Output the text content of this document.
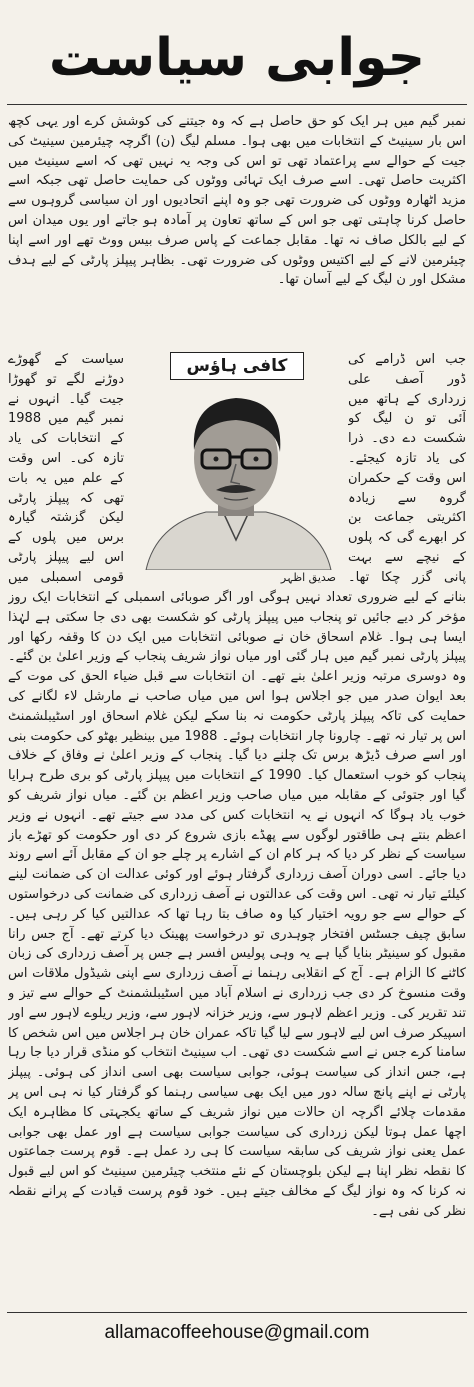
جوابی سیاست

نمبر گیم میں ہر ایک کو حق حاصل ہے کہ وہ جیتنے کی کوشش کرے اور یہی کچھ اس بار سینیٹ کے انتخابات میں بھی ہوا۔ مسلم لیگ (ن) اگرچہ چیئرمین سینیٹ کی جیت کے حوالے سے پراعتماد تھی تو اس کی وجہ یہ نہیں تھی کہ اسے سینیٹ میں اکثریت حاصل تھی۔ اسے صرف ایک تہائی ووٹوں کی حمایت حاصل تھی جبکہ اسے مزید اٹھارہ ووٹوں کی ضرورت تھی جو وہ اپنے اتحادیوں اور ان سیاسی گروہوں سے حاصل کرنا چاہتی تھی جو اس کے ساتھ تعاون پر آمادہ ہو جاتے اور یوں میدان اس کے لیے بالکل صاف نہ تھا۔ مقابل جماعت کے پاس صرف بیس ووٹ تھے اور اسے اپنا چیئرمین لانے کے لیے اکتیس ووٹوں کی ضرورت تھی۔ بظاہر پیپلز پارٹی کے لیے ہدف مشکل اور ن لیگ کے لیے آسان تھا۔

جب اس ڈرامے کی ڈور آصف علی زرداری کے ہاتھ میں آئی تو ن لیگ کو شکست دے دی۔ ذرا کی یاد تازہ کیجئے۔ اس وقت کے حکمران گروہ سے زیادہ اکثریتی جماعت بن کر ابھرے گی کہ پلوں کے نیچے سے بہت پانی گزر چکا تھا۔

کافی ہاؤس
صدیق اظہر

سیاست کے گھوڑے دوڑنے لگے تو گھوڑا جیت گیا۔ انہوں نے نمبر گیم میں 1988 کے انتخابات کی یاد تازہ کی۔ اس وقت کے علم میں یہ بات تھی کہ پیپلز پارٹی لیکن گزشتہ گیارہ برس میں پلوں کے اس لیے پیپلز پارٹی قومی اسمبلی میں

بنانے کے لیے ضروری تعداد نہیں ہوگی اور اگر صوبائی اسمبلی کے انتخابات ایک روز مؤخر کر دیے جائیں تو پنجاب میں پیپلز پارٹی کو شکست بھی دی جا سکتی ہے لہٰذا ایسا ہی ہوا۔ غلام اسحاق خان نے صوبائی انتخابات میں ایک دن کا وقفہ رکھا اور پیپلز پارٹی نمبر گیم میں ہار گئی اور میاں نواز شریف پنجاب کے وزیر اعلیٰ بن گئے۔ وہ دوسری مرتبہ وزیر اعلیٰ بنے تھے۔ ان انتخابات سے قبل ضیاء الحق کی موت کے بعد ایوان صدر میں جو اجلاس ہوا اس میں میاں صاحب نے مارشل لاء لگانے کی حمایت کی تاکہ پیپلز پارٹی حکومت نہ بنا سکے لیکن غلام اسحاق اور اسٹیبلشمنٹ اس پر تیار نہ تھے۔ چارونا چار انتخابات ہوئے۔ 1988 میں بینظیر بھٹو کی حکومت بنی اور اسے صرف ڈیڑھ برس تک چلنے دیا گیا۔ پنجاب کے وزیر اعلیٰ نے وفاق کے خلاف پنجاب کو خوب استعمال کیا۔ 1990 کے انتخابات میں پیپلز پارٹی کو بری طرح ہرایا گیا اور جتوئی کے مقابلہ میں میاں صاحب وزیر اعظم بن گئے۔ میاں نواز شریف کو خوب یاد ہوگا کہ انہوں نے یہ انتخابات کس کی مدد سے جیتے تھے۔ انہوں نے وزیر اعظم بنتے ہی طاقتور لوگوں سے پھڈے بازی شروع کر دی اور حکومت کو تھڑے باز سیاست کے نظر کر دیا کہ ہر کام ان کے اشارے پر چلے جو ان کے مقابل آئے اسے روند دیا جائے۔ اسی دوران آصف زرداری گرفتار ہوئے اور کوئی عدالت ان کی ضمانت لینے کیلئے تیار نہ تھی۔ اس وقت کی عدالتوں نے آصف زرداری کی ضمانت کی درخواستوں کے حوالے سے جو رویہ اختیار کیا وہ صاف بتا رہا تھا کہ عدالتیں کیا کر رہی ہیں۔ سابق چیف جسٹس افتخار چوہدری تو درخواست پھینک دیا کرتے تھے۔ آج جس رانا مقبول کو سینیٹر بنایا گیا ہے یہ وہی پولیس افسر ہے جس پر آصف زرداری کی زبان کاٹنے کا الزام ہے۔ آج کے انقلابی رہنما نے آصف زرداری سے اپنی شیڈول ملاقات اس وقت منسوخ کر دی جب زرداری نے اسلام آباد میں اسٹیبلشمنٹ کے حوالے سے تیز و تند تقریر کی۔ وزیر اعظم لاہور سے، وزیر خزانہ لاہور سے، وزیر ریلوے لاہور سے اور اسپیکر صرف اس لیے لاہور سے لیا گیا تاکہ عمران خان ہر اجلاس میں اس شخص کا سامنا کرے جس نے اسے شکست دی تھی۔ اب سینیٹ انتخاب کو منڈی قرار دیا جا رہا ہے، جس انداز کی سیاست ہوئی، جوابی سیاست بھی اسی انداز کی ہوئی۔ پیپلز پارٹی نے اپنے پانچ سالہ دور میں ایک بھی سیاسی رہنما کو گرفتار کیا نہ ہی اس پر مقدمات چلائے اگرچہ ان حالات میں نواز شریف کے ساتھ یکجہتی کا مظاہرہ ایک اچھا عمل ہوتا لیکن زرداری کی سیاست جوابی سیاست ہے اور عمل بھی جوابی عمل یعنی نواز شریف کی سابقہ سیاست کا ہی رد عمل ہے۔ قوم پرست جماعتوں کا نقطہ نظر اپنا ہے لیکن بلوچستان کے نئے منتخب چیئرمین سینیٹ کو اس لیے قبول نہ کرنا کہ وہ نواز لیگ کے مخالف جیتے ہیں۔ خود قوم پرست قیادت کے پرانے نقطہ نظر کی نفی ہے۔

allamacoffeehouse@gmail.com
